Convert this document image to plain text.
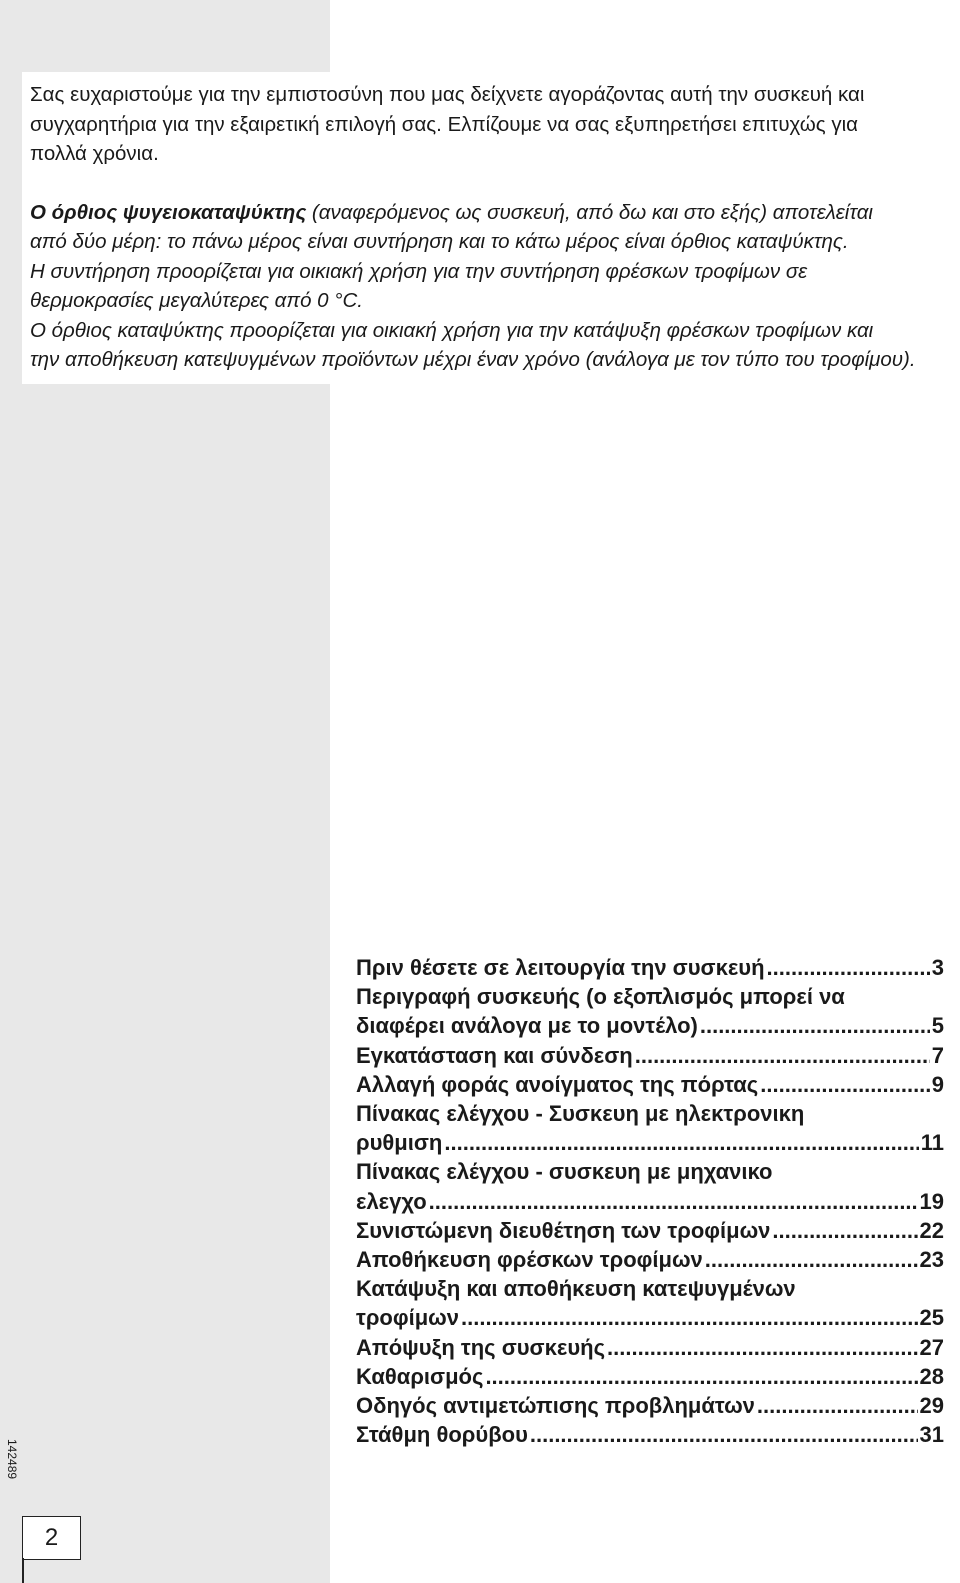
Σας ευχαριστούμε για την εμπιστοσύνη που μας δείχνετε αγοράζοντας αυτή την συσκευή και
συγχαρητήρια για την εξαιρετική επιλογή σας. Ελπίζουμε να σας εξυπηρετήσει επιτυχώς για
πολλά χρόνια.

Ο όρθιος ψυγειοκαταψύκτης (αναφερόμενος ως συσκευή, από δω και στο εξής) αποτελείται
από δύο μέρη: το πάνω μέρος είναι συντήρηση και το κάτω μέρος είναι όρθιος καταψύκτης.
Η συντήρηση προορίζεται για οικιακή χρήση για την συντήρηση φρέσκων τροφίμων σε
θερμοκρασίες μεγαλύτερες από 0 °C.
Ο όρθιος καταψύκτης προορίζεται για οικιακή χρήση για την κατάψυξη φρέσκων τροφίμων και
την αποθήκευση κατεψυγμένων προϊόντων μέχρι έναν χρόνο (ανάλογα με τον τύπο του τροφίμου).

Πριν θέσετε σε λειτουργία την συσκευή .....	3
Περιγραφή συσκευής (ο εξοπλισμός μπορεί να
διαφέρει ανάλογα με το μοντέλο) .....	5
Εγκατάσταση και σύνδεση .....	7
Αλλαγή φοράς ανοίγματος της πόρτας .....	9
Πίνακας ελέγχου - Συσκευη με ηλεκτρονικη
ρυθμιση .....	11
Πίνακας ελέγχου - συσκευη με μηχανικο
ελεγχο .....	19
Συνιστώμενη διευθέτηση των τροφίμων .....	22
Αποθήκευση φρέσκων τροφίμων .....	23
Κατάψυξη και αποθήκευση κατεψυγμένων
τροφίμων .....	25
Απόψυξη της συσκευής .....	27
Καθαρισμός .....	28
Οδηγός αντιμετώπισης προβλημάτων .....	29
Στάθμη θορύβου .....	31
142489
2
